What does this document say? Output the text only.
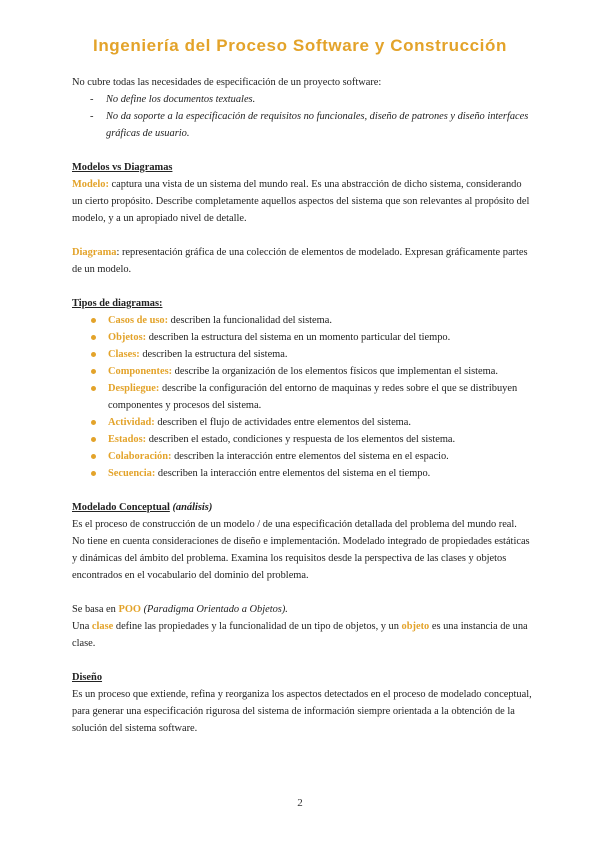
Ingeniería del Proceso Software y Construcción

No cubre todas las necesidades de especificación de un proyecto software:

- No define los documentos textuales.
- No da soporte a la especificación de requisitos no funcionales, diseño de patrones y diseño interfaces gráficas de usuario.

Modelos vs Diagramas

Modelo: captura una vista de un sistema del mundo real. Es una abstracción de dicho sistema, considerando un cierto propósito. Describe completamente aquellos aspectos del sistema que son relevantes al propósito del modelo, y a un apropiado nivel de detalle.

Diagrama: representación gráfica de una colección de elementos de modelado. Expresan gráficamente partes de un modelo.

Tipos de diagramas:

Casos de uso: describen la funcionalidad del sistema.
Objetos: describen la estructura del sistema en un momento particular del tiempo.
Clases: describen la estructura del sistema.
Componentes: describe la organización de los elementos físicos que implementan el sistema.
Despliegue: describe la configuración del entorno de maquinas y redes sobre el que se distribuyen componentes y procesos del sistema.
Actividad: describen el flujo de actividades entre elementos del sistema.
Estados: describen el estado, condiciones y respuesta de los elementos del sistema.
Colaboración: describen la interacción entre elementos del sistema en el espacio.
Secuencia: describen la interacción entre elementos del sistema en el tiempo.

Modelado Conceptual (análisis)

Es el proceso de construcción de un modelo / de una especificación detallada del problema del mundo real.

No tiene en cuenta consideraciones de diseño e implementación. Modelado integrado de propiedades estáticas y dinámicas del ámbito del problema. Examina los requisitos desde la perspectiva de las clases y objetos encontrados en el vocabulario del dominio del problema.

Se basa en POO (Paradigma Orientado a Objetos).

Una clase define las propiedades y la funcionalidad de un tipo de objetos, y un objeto es una instancia de una clase.

Diseño

Es un proceso que extiende, refina y reorganiza los aspectos detectados en el proceso de modelado conceptual, para generar una especificación rigurosa del sistema de información siempre orientada a la obtención de la solución del sistema software.

2
